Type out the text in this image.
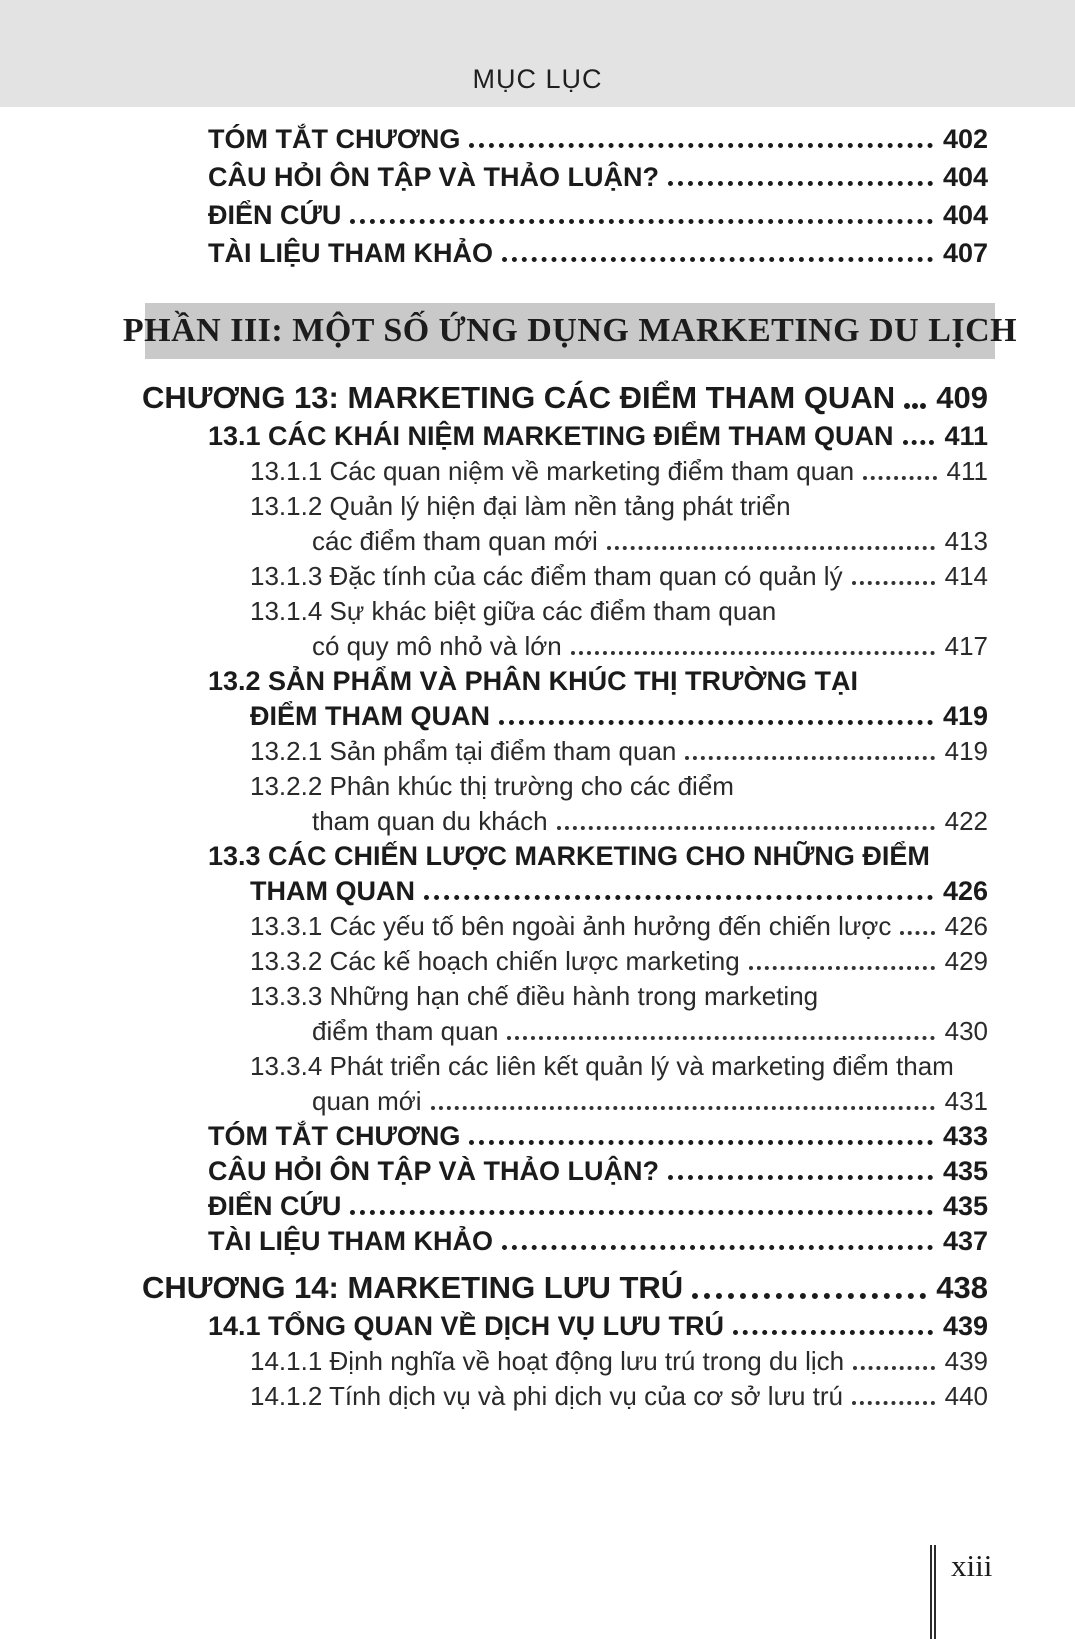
MỤC LỤC
TÓM TẮT CHƯƠNG	402
CÂU HỎI ÔN TẬP VÀ THẢO LUẬN?	404
ĐIỂN CỨU	404
TÀI LIỆU THAM KHẢO	407
PHẦN III: MỘT SỐ ỨNG DỤNG MARKETING DU LỊCH
CHƯƠNG 13: MARKETING CÁC ĐIỂM THAM QUAN 409
13.1 CÁC KHÁI NIỆM MARKETING ĐIỂM THAM QUAN 411
13.1.1 Các quan niệm về marketing điểm tham quan	411
13.1.2 Quản lý hiện đại làm nền tảng phát triển
các điểm tham quan mới	413
13.1.3 Đặc tính của các điểm tham quan có quản lý	414
13.1.4 Sự khác biệt giữa các điểm tham quan
có quy mô nhỏ và lớn	417
13.2 SẢN PHẨM VÀ PHÂN KHÚC THỊ TRƯỜNG TẠI
ĐIỂM THAM QUAN	419
13.2.1 Sản phẩm tại điểm tham quan	419
13.2.2 Phân khúc thị trường cho các điểm
tham quan du khách	422
13.3 CÁC CHIẾN LƯỢC MARKETING CHO NHỮNG ĐIỂM
THAM QUAN	426
13.3.1 Các yếu tố bên ngoài ảnh hưởng đến chiến lược 426
13.3.2 Các kế hoạch chiến lược marketing	429
13.3.3 Những hạn chế điều hành trong marketing
điểm tham quan	430
13.3.4 Phát triển các liên kết quản lý và marketing điểm tham
quan mới	431
TÓM TẮT CHƯƠNG	433
CÂU HỎI ÔN TẬP VÀ THẢO LUẬN?	435
ĐIỂN CỨU	435
TÀI LIỆU THAM KHẢO	437
CHƯƠNG 14: MARKETING LƯU TRÚ	438
14.1 TỔNG QUAN VỀ DỊCH VỤ LƯU TRÚ	439
14.1.1 Định nghĩa về hoạt động lưu trú trong du lịch	439
14.1.2 Tính dịch vụ và phi dịch vụ của cơ sở lưu trú	440
xiii
